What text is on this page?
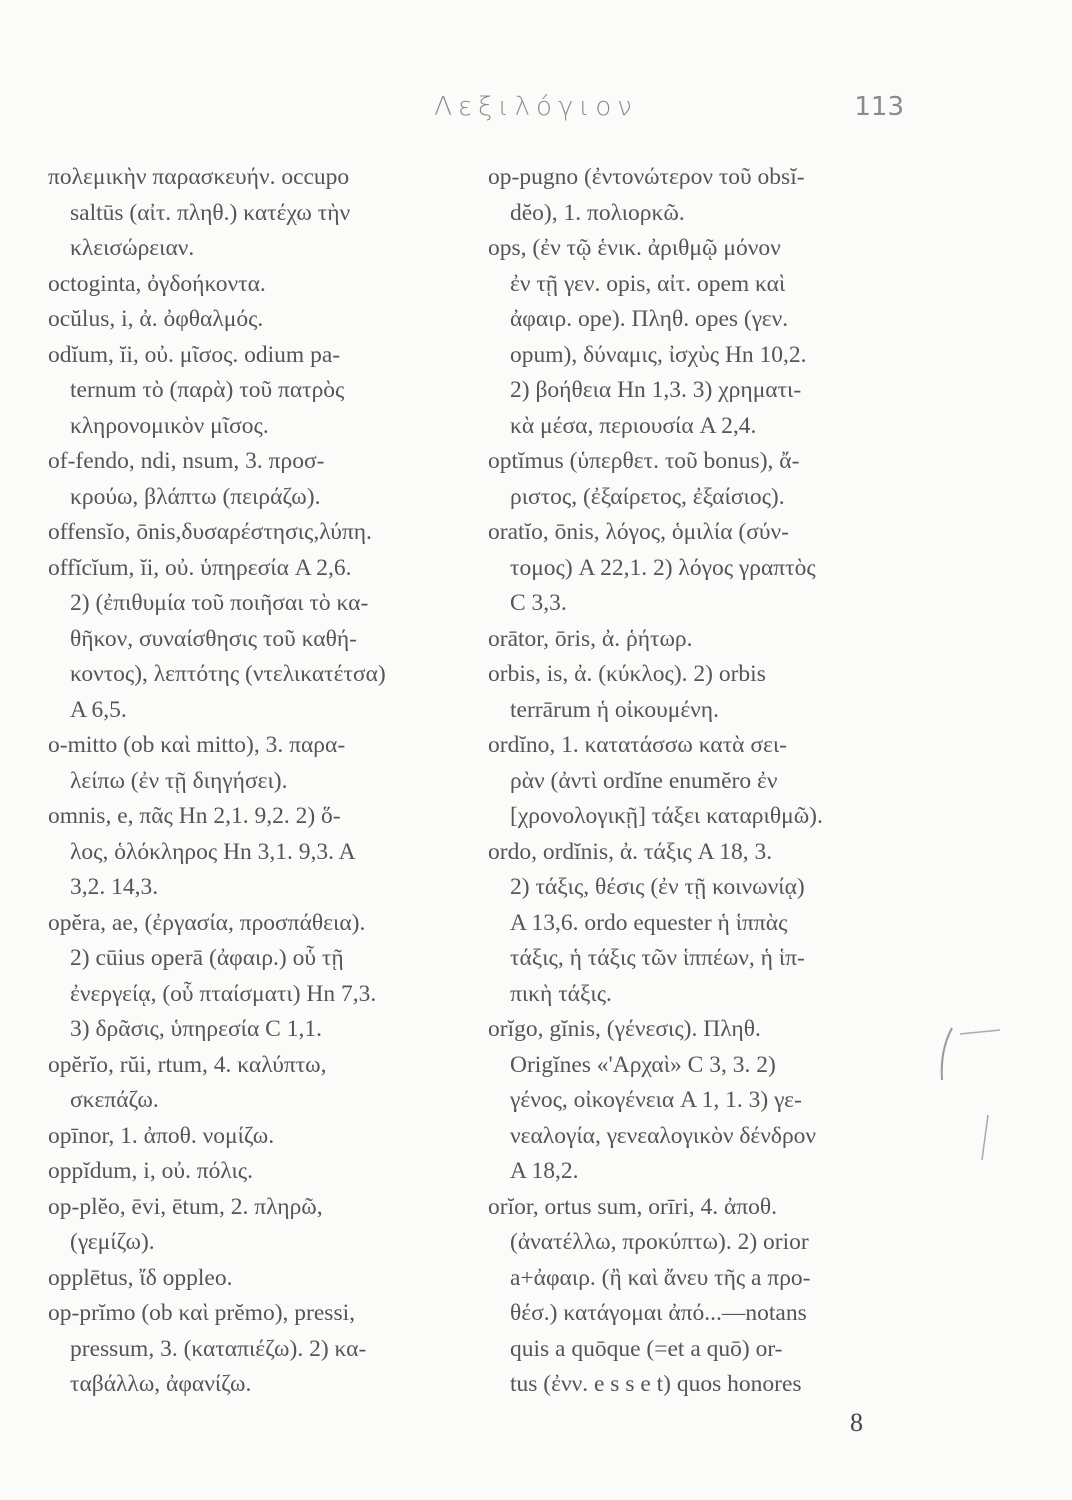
Λεξιλόγιον	113
πολεμικὴν παρασκευήν. occupo
saltūs (αἰτ. πληθ.) κατέχω τὴν
κλεισώρειαν.
octoginta, ὀγδοήκοντα.
ocŭlus, i, ἀ. ὀφθαλμός.
odĭum, ĭi, οὐ. μῖσος. odium pa-
ternum τὸ (παρὰ) τοῦ πατρὸς
κληρονομικὸν μῖσος.
of-fendo, ndi, nsum, 3. προσ-
κρούω, βλάπτω (πειράζω).
offensĭo, ōnis,δυσαρέστησις,λύπη.
offĭcĭum, ĭi, οὐ. ὑπηρεσία A 2,6.
2) (ἐπιθυμία τοῦ ποιῆσαι τὸ κα-
θῆκον, συναίσθησις τοῦ καθή-
κοντος), λεπτότης (ντελικατέτσα)
A 6,5.
o-mitto (ob καὶ mitto), 3. παρα-
λείπω (ἐν τῇ διηγήσει).
omnis, e, πᾶς Hn 2,1. 9,2. 2) ὅ-
λος, ὁλόκληρος Hn 3,1. 9,3. A
3,2. 14,3.
opĕra, ae, (ἐργασία, προσπάθεια).
2) cūius operā (ἀφαιρ.) οὗ τῇ
ἐνεργείᾳ, (οὗ πταίσματι) Hn 7,3.
3) δρᾶσις, ὑπηρεσία C 1,1.
opĕrĭo, rŭi, rtum, 4. καλύπτω,
σκεπάζω.
opīnor, 1. ἀποθ. νομίζω.
oppĭdum, i, οὐ. πόλις.
op-plĕo, ēvi, ētum, 2. πληρῶ,
(γεμίζω).
opplētus, ἴδ oppleo.
op-prĭmo (ob καὶ prĕmo), pressi,
pressum, 3. (καταπιέζω). 2) κα-
ταβάλλω, ἀφανίζω.
op-pugno (ἐντονώτερον τοῦ obsĭ-
dĕo), 1. πολιορκῶ.
ops, (ἐν τῷ ἑνικ. ἀριθμῷ μόνον
ἐν τῇ γεν. opis, αἰτ. opem καὶ
ἀφαιρ. ope). Πληθ. opes (γεν.
opum), δύναμις, ἰσχὺς Hn 10,2.
2) βοήθεια Hn 1,3. 3) χρηματι-
κὰ μέσα, περιουσία A 2,4.
optĭmus (ὑπερθετ. τοῦ bonus), ἄ-
ριστος, (ἐξαίρετος, ἐξαίσιος).
oratĭo, ōnis, λόγος, ὁμιλία (σύν-
τομος) A 22,1. 2) λόγος γραπτὸς
C 3,3.
orātor, ōris, ἀ. ῥήτωρ.
orbis, is, ἀ. (κύκλος). 2) orbis
terrārum ἡ οἰκουμένη.
ordĭno, 1. κατατάσσω κατὰ σει-
ρὰν (ἀντὶ ordĭne enumĕro ἐν
[χρονολογικῇ] τάξει καταριθμῶ).
ordo, ordĭnis, ἀ. τάξις A 18, 3.
2) τάξις, θέσις (ἐν τῇ κοινωνίᾳ)
A 13,6. ordo equester ἡ ἱππὰς
τάξις, ἡ τάξις τῶν ἱππέων, ἡ ἱπ-
πικὴ τάξις.
orĭgo, gĭnis, (γένεσις). Πληθ.
Origĭnes «'Αρχαὶ» C 3, 3. 2)
γένος, οἰκογένεια A 1, 1. 3) γε-
νεαλογία, γενεαλογικὸν δένδρον
A 18,2.
orĭor, ortus sum, orīri, 4. ἀποθ.
(ἀνατέλλω, προκύπτω). 2) orior
a+ἀφαιρ. (ἢ καὶ ἄνευ τῆς a προ-
θέσ.) κατάγομαι ἀπό...—notans
quis a quōque (=et a quō) or-
tus (ἐνν. e s s e t) quos honores
8
